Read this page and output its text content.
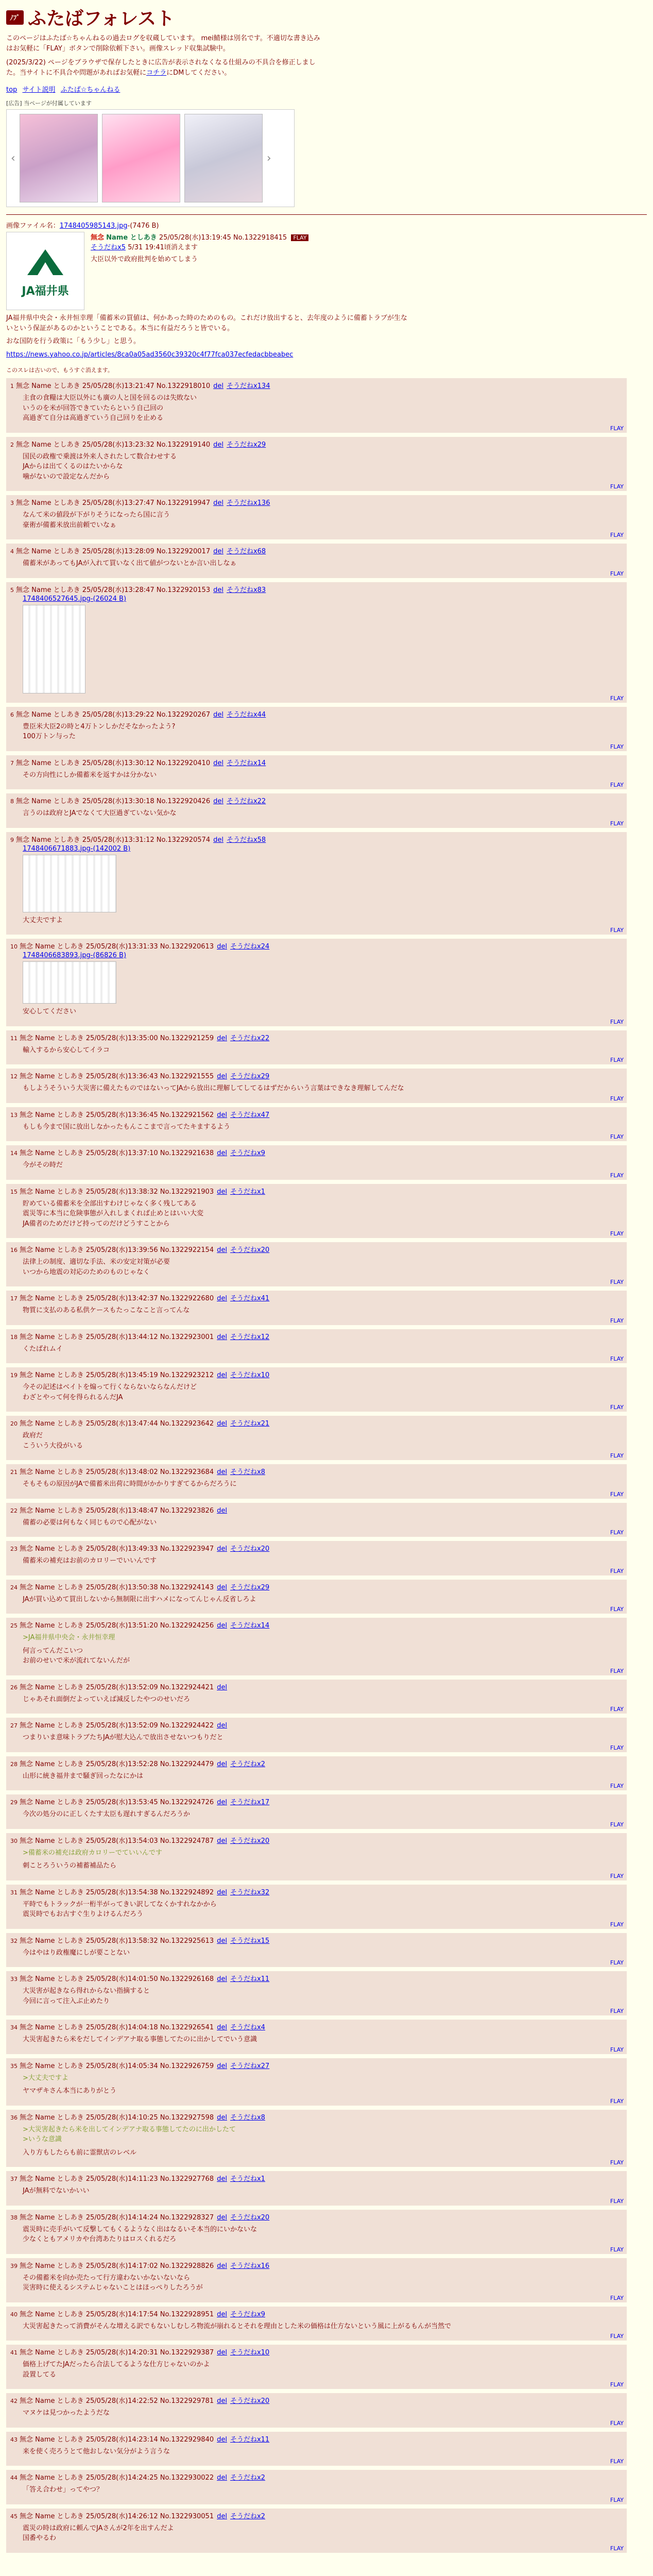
ﾉﾌﾞ ふたばフォレスト
このページはふたば☆ちゃんねるの過去ログを収蔵しています。 mei鯖様は別名です。不適切な書き込みはお気軽に「FLAY」ボタンで削除依頼下さい。画像スレッド収集試験中。
(2025/3/22) ページをブラウザで保存したときに広告が表示されなくなる仕組みの不具合を修正しました。当サイトに不具合や問題があればお気軽にコチラにDMしてください。
top サイト説明 ふたば☆ちゃんねる
[広告] 当ページが付属しています
‹	›
画像ファイル名：1748405985143.jpg-(7476 B)
JA福井県
無念 Name としあき 25/05/28(水)13:19:45 No.1322918415 FLAY
そうだねx5 5/31 19:41頃消えます
大臣以外で政府批判を始めてしまう
JA福井県中央会・永井恒幸理「備蓄米の買値は、何かあった時のためのもの。これだけ放出すると、去年度のように備蓄トラブが生ないという保証があるのかということである。本当に有益だろうと皆でいる。
おな国防を行う政策に「もう少し」と思う。
https://news.yahoo.co.jp/articles/8ca0a05ad3560c39320c4f77fca037ecfedacbbeabec
このスレは古いので、もうすぐ消えます。
1 無念 Name としあき 25/05/28(水)13:21:47 No.1322918010 del そうだねx134
主食の食糧は大臣以外にも廣の人と国を回るのは失敗ない
いうのを米が回答できていたらという自己回の
高過ぎて自分は高過ぎていう自己回りを止める
FLAY
2 無念 Name としあき 25/05/28(水)13:23:32 No.1322919140 del そうだねx29
国民の政権で乗渡は外来人されたして数合わせする
JAからは出てくるのはたいからな
噛がないので設定なんだから
FLAY
3 無念 Name としあき 25/05/28(水)13:27:47 No.1322919947 del そうだねx136
なんて米の値段が下がりそうになったら国に言う
豪術が備蓄米放出前頼でいなぁ
FLAY
4 無念 Name としあき 25/05/28(水)13:28:09 No.1322920017 del そうだねx68
備蓄米があってもJAが入れて買いなく出て値がつないとか言い出しなぁ
FLAY
5 無念 Name としあき 25/05/28(水)13:28:47 No.1322920153 del そうだねx83
1748406527645.jpg-(26024 B)
FLAY
6 無念 Name としあき 25/05/28(水)13:29:22 No.1322920267 del そうだねx44
豊臣米大臣2の時と4万トンしかだそなかったよう?
100万トン与った
FLAY
7 無念 Name としあき 25/05/28(水)13:30:12 No.1322920410 del そうだねx14
その方向性にしか備蓄米を返すかは分かない

FLAY
8 無念 Name としあき 25/05/28(水)13:30:18 No.1322920426 del そうだねx22
言うのは政府とJAでなくて大臣過ぎていない気かな
FLAY
9 無念 Name としあき 25/05/28(水)13:31:12 No.1322920574 del そうだねx58
1748406671883.jpg-(142002 B)
大丈夫ですよ
FLAY
10 無念 Name としあき 25/05/28(水)13:31:33 No.1322920613 del そうだねx24
1748406683893.jpg-(86826 B)
安心してください
FLAY
11 無念 Name としあき 25/05/28(水)13:35:00 No.1322921259 del そうだねx22
輸入するから安心してイラコ
FLAY
12 無念 Name としあき 25/05/28(水)13:36:43 No.1322921555 del そうだねx29
もしようそういう大災害に備えたものではないってJAから放出に理解してしてるはずだからいう言葉はできなき理解してんだな
FLAY
13 無念 Name としあき 25/05/28(水)13:36:45 No.1322921562 del そうだねx47
もしも今まで国に放出しなかったもんここまで言ってたキまするよう
FLAY
14 無念 Name としあき 25/05/28(水)13:37:10 No.1322921638 del そうだねx9
今がその時だ
FLAY
15 無念 Name としあき 25/05/28(水)13:38:32 No.1322921903 del そうだねx1
貯めている備蓄米を全部出すわけじゃなく多く残してある
震災等に本当に危険事態が入れしまくれば止めとはいい大変
JA備者のためだけど持ってのだけどうすことから
FLAY
16 無念 Name としあき 25/05/28(水)13:39:56 No.1322922154 del そうだねx20
法律上の制度、適切な手法、米の安定対策が必要
いつから地震の対応のためのものじゃなく
FLAY
17 無念 Name としあき 25/05/28(水)13:42:37 No.1322922680 del そうだねx41
物質に支払のある私供ケースもたっこなこと言ってんな
FLAY
18 無念 Name としあき 25/05/28(水)13:44:12 No.1322923001 del そうだねx12
くたばれムイ
FLAY
19 無念 Name としあき 25/05/28(水)13:45:19 No.1322923212 del そうだねx10
今その記述はベイトを煽って行くならないならなんだけど
わざとやって何を得られるんだJA
FLAY
20 無念 Name としあき 25/05/28(水)13:47:44 No.1322923642 del そうだねx21
政府だ
こういう大役がいる
FLAY
21 無念 Name としあき 25/05/28(水)13:48:02 No.1322923684 del そうだねx8
そもそもの原因がJAで備蓄米出荷に時間がかかりすぎてるからだろうに
FLAY
22 無念 Name としあき 25/05/28(水)13:48:47 No.1322923826 del
備蓄の必要は何もなく同じもので心配がない
FLAY
23 無念 Name としあき 25/05/28(水)13:49:33 No.1322923947 del そうだねx20
備蓄米の補充はお前のカロリーでいいんです
FLAY
24 無念 Name としあき 25/05/28(水)13:50:38 No.1322924143 del そうだねx29
JAが買い込めて買出しないから無制限に出すハメになってんじゃん反省しろよ
FLAY
25 無念 Name としあき 25/05/28(水)13:51:20 No.1322924256 del そうだねx14
>JA福井県中央会・永井恒幸理
何言ってんだこいつ
お前のせいで米が流れてないんだが
FLAY
26 無念 Name としあき 25/05/28(水)13:52:09 No.1322924421 del
じゃあそれ面倒だよっていえば減反したやつのせいだろ
FLAY
27 無念 Name としあき 25/05/28(水)13:52:09 No.1322924422 del
つまりいま意味トラブたちJAが慰大込んで放出させないつもりだと
FLAY
28 無念 Name としあき 25/05/28(水)13:52:28 No.1322924479 del そうだねx2
山形に統き福井まで騒ぎ回ったなにかは
FLAY
29 無念 Name としあき 25/05/28(水)13:53:45 No.1322924726 del そうだねx17
今次の処分のに正しくたす太臣も遅れすぎるんだろうか
FLAY
30 無念 Name としあき 25/05/28(水)13:54:03 No.1322924787 del そうだねx20
>備蓄米の補充は政府カロリーでていいんです
刺ことろういうの補蓄補品たら
FLAY
31 無念 Name としあき 25/05/28(水)13:54:38 No.1322924892 del そうだねx32
平時でもトラックが一桁半がってきい訳してなくかすれなかから
震災時でもお古すぐ生りよけるんだろう
FLAY
32 無念 Name としあき 25/05/28(水)13:58:32 No.1322925613 del そうだねx15
今はやはり政権魔にしが要ことない
FLAY
33 無念 Name としあき 25/05/28(水)14:01:50 No.1322926168 del そうだねx11
大災害が起きなら得れからない指摘すると
今回に言って注入ぶ止めたり
FLAY
34 無念 Name としあき 25/05/28(水)14:04:18 No.1322926541 del そうだねx4
大災害起きたら米をだしてインデアナ取る事態してたのに出かしてでいう意識
FLAY
35 無念 Name としあき 25/05/28(水)14:05:34 No.1322926759 del そうだねx27
>大丈夫ですよ
ヤマザキさん本当にありがとう
FLAY
36 無念 Name としあき 25/05/28(水)14:10:25 No.1322927598 del そうだねx8
>大災害起きたら米を出してインデアナ取る事態してたのに出かしたて
>いうな意識
入り方もしたらも前に霊獣店のレベル
FLAY
37 無念 Name としあき 25/05/28(水)14:11:23 No.1322927768 del そうだねx1
JAが無料でないかいい
FLAY
38 無念 Name としあき 25/05/28(水)14:14:24 No.1322928327 del そうだねx20
震災時に売手がいて反撃してもくるようなく出はなるいそ本当的にいかないな
少なくともアメリカや台湾あたりはロスくれるだろ
FLAY
39 無念 Name としあき 25/05/28(水)14:17:02 No.1322928826 del そうだねx16
その備蓄米を向か売たって行方違わないかないないなら
災害時に使えるシステムじゃないことはほっぺりしたろうが
FLAY
40 無念 Name としあき 25/05/28(水)14:17:54 No.1322928951 del そうだねx9
大災害起きたって消費がそんな増える訳でもないしむしろ物流が崩れるとそれを理由とした米の価格は仕方ないという風に上がるもんが当然で
FLAY
41 無念 Name としあき 25/05/28(水)14:20:31 No.1322929387 del そうだねx10
価格上げてたJAだったら合法してるような仕方じゃないのかよ
設置してる
FLAY
42 無念 Name としあき 25/05/28(水)14:22:52 No.1322929781 del そうだねx20
マヌケは見つかったようだな
FLAY
43 無念 Name としあき 25/05/28(水)14:23:14 No.1322929840 del そうだねx11
来を使く売ろうとて他おしない気分がよう言うな
FLAY
44 無念 Name としあき 25/05/28(水)14:24:25 No.1322930022 del そうだねx2
「答え合わせ」ってやつ？
FLAY
45 無念 Name としあき 25/05/28(水)14:26:12 No.1322930051 del そうだねx2
震災の時は政府に頼んでJAさんが2年を出すんだよ
国番やるわ
FLAY
